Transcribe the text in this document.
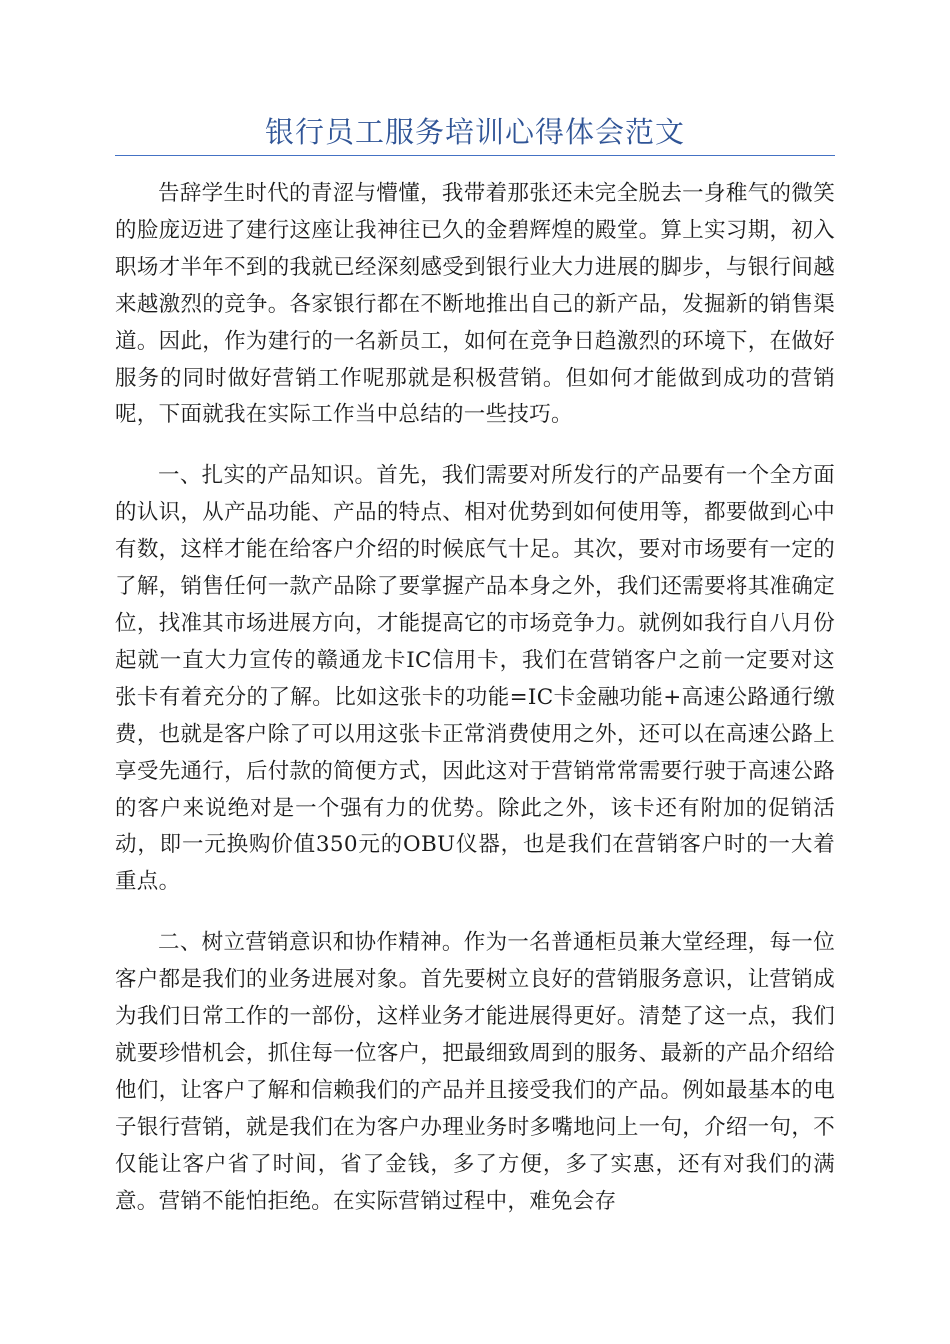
银行员工服务培训心得体会范文

告辞学生时代的青涩与懵懂，我带着那张还未完全脱去一身稚气的微笑的脸庞迈进了建行这座让我神往已久的金碧辉煌的殿堂。算上实习期，初入职场才半年不到的我就已经深刻感受到银行业大力进展的脚步，与银行间越来越激烈的竞争。各家银行都在不断地推出自己的新产品，发掘新的销售渠道。因此，作为建行的一名新员工，如何在竞争日趋激烈的环境下，在做好服务的同时做好营销工作呢那就是积极营销。但如何才能做到成功的营销呢，下面就我在实际工作当中总结的一些技巧。

一、扎实的产品知识。首先，我们需要对所发行的产品要有一个全方面的认识，从产品功能、产品的特点、相对优势到如何使用等，都要做到心中有数，这样才能在给客户介绍的时候底气十足。其次，要对市场要有一定的了解，销售任何一款产品除了要掌握产品本身之外，我们还需要将其准确定位，找准其市场进展方向，才能提高它的市场竞争力。就例如我行自八月份起就一直大力宣传的赣通龙卡IC信用卡，我们在营销客户之前一定要对这张卡有着充分的了解。比如这张卡的功能=IC卡金融功能+高速公路通行缴费，也就是客户除了可以用这张卡正常消费使用之外，还可以在高速公路上享受先通行，后付款的简便方式，因此这对于营销常常需要行驶于高速公路的客户来说绝对是一个强有力的优势。除此之外，该卡还有附加的促销活动，即一元换购价值350元的OBU仪器，也是我们在营销客户时的一大着重点。

二、树立营销意识和协作精神。作为一名普通柜员兼大堂经理，每一位客户都是我们的业务进展对象。首先要树立良好的营销服务意识，让营销成为我们日常工作的一部份，这样业务才能进展得更好。清楚了这一点，我们就要珍惜机会，抓住每一位客户，把最细致周到的服务、最新的产品介绍给他们，让客户了解和信赖我们的产品并且接受我们的产品。例如最基本的电子银行营销，就是我们在为客户办理业务时多嘴地问上一句，介绍一句，不仅能让客户省了时间，省了金钱，多了方便，多了实惠，还有对我们的满意。营销不能怕拒绝。在实际营销过程中，难免会存
